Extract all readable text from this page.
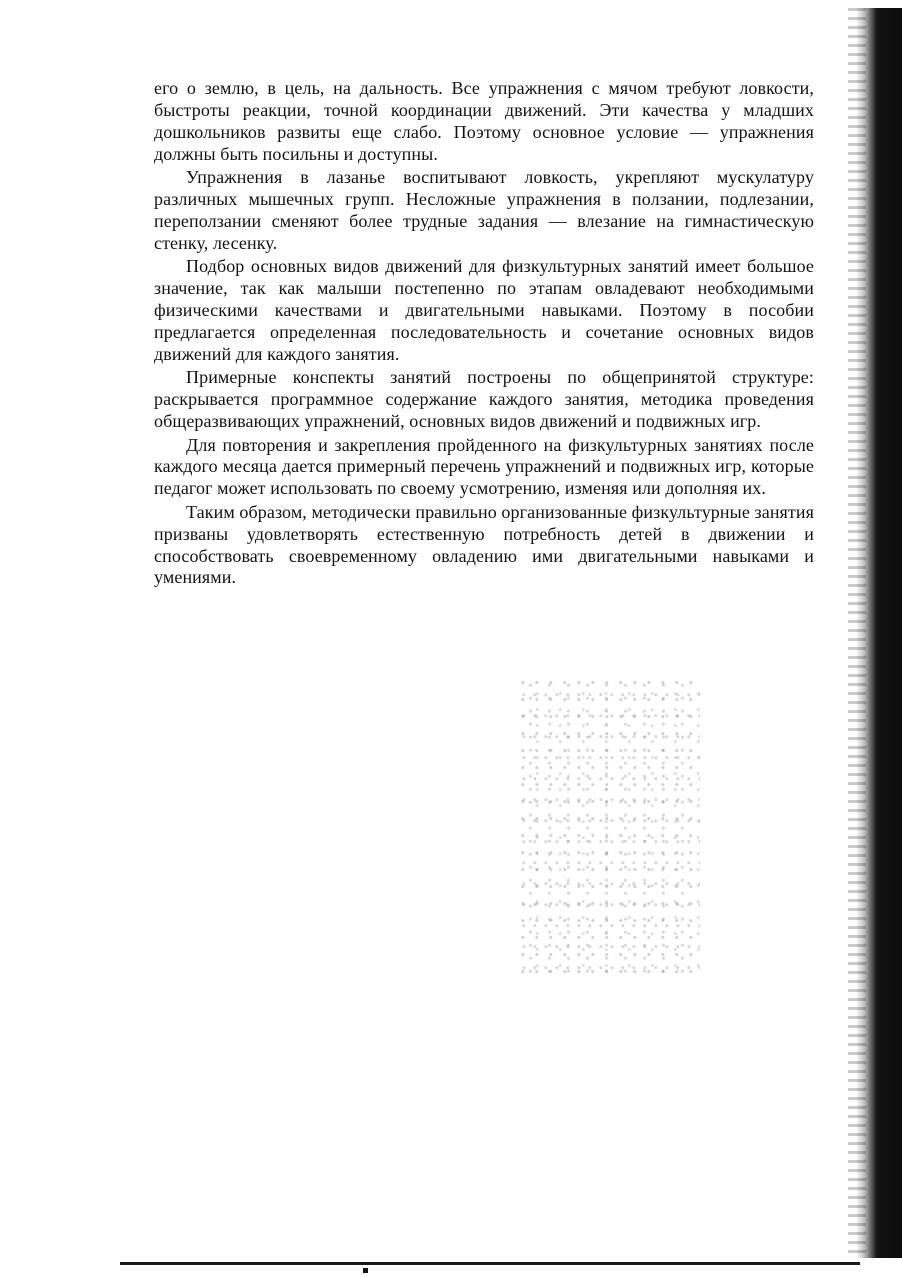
его о землю, в цель, на дальность. Все упражнения с мячом требуют ловкости, быстроты реакции, точной координации движений. Эти качества у младших дошкольников развиты еще слабо. Поэтому основное условие — упражнения должны быть посильны и доступны.

Упражнения в лазанье воспитывают ловкость, укрепляют мускулатуру различных мышечных групп. Несложные упражнения в ползании, подлезании, переползании сменяют более трудные задания — влезание на гимнастическую стенку, лесенку.

Подбор основных видов движений для физкультурных занятий имеет большое значение, так как малыши постепенно по этапам овладевают необходимыми физическими качествами и двигательными навыками. Поэтому в пособии предлагается определенная последовательность и сочетание основных видов движений для каждого занятия.

Примерные конспекты занятий построены по общепринятой структуре: раскрывается программное содержание каждого занятия, методика проведения общеразвивающих упражнений, основных видов движений и подвижных игр.

Для повторения и закрепления пройденного на физкультурных занятиях после каждого месяца дается примерный перечень упражнений и подвижных игр, которые педагог может использовать по своему усмотрению, изменяя или дополняя их.

Таким образом, методически правильно организованные физкультурные занятия призваны удовлетворять естественную потребность детей в движении и способствовать своевременному овладению ими двигательными навыками и умениями.
